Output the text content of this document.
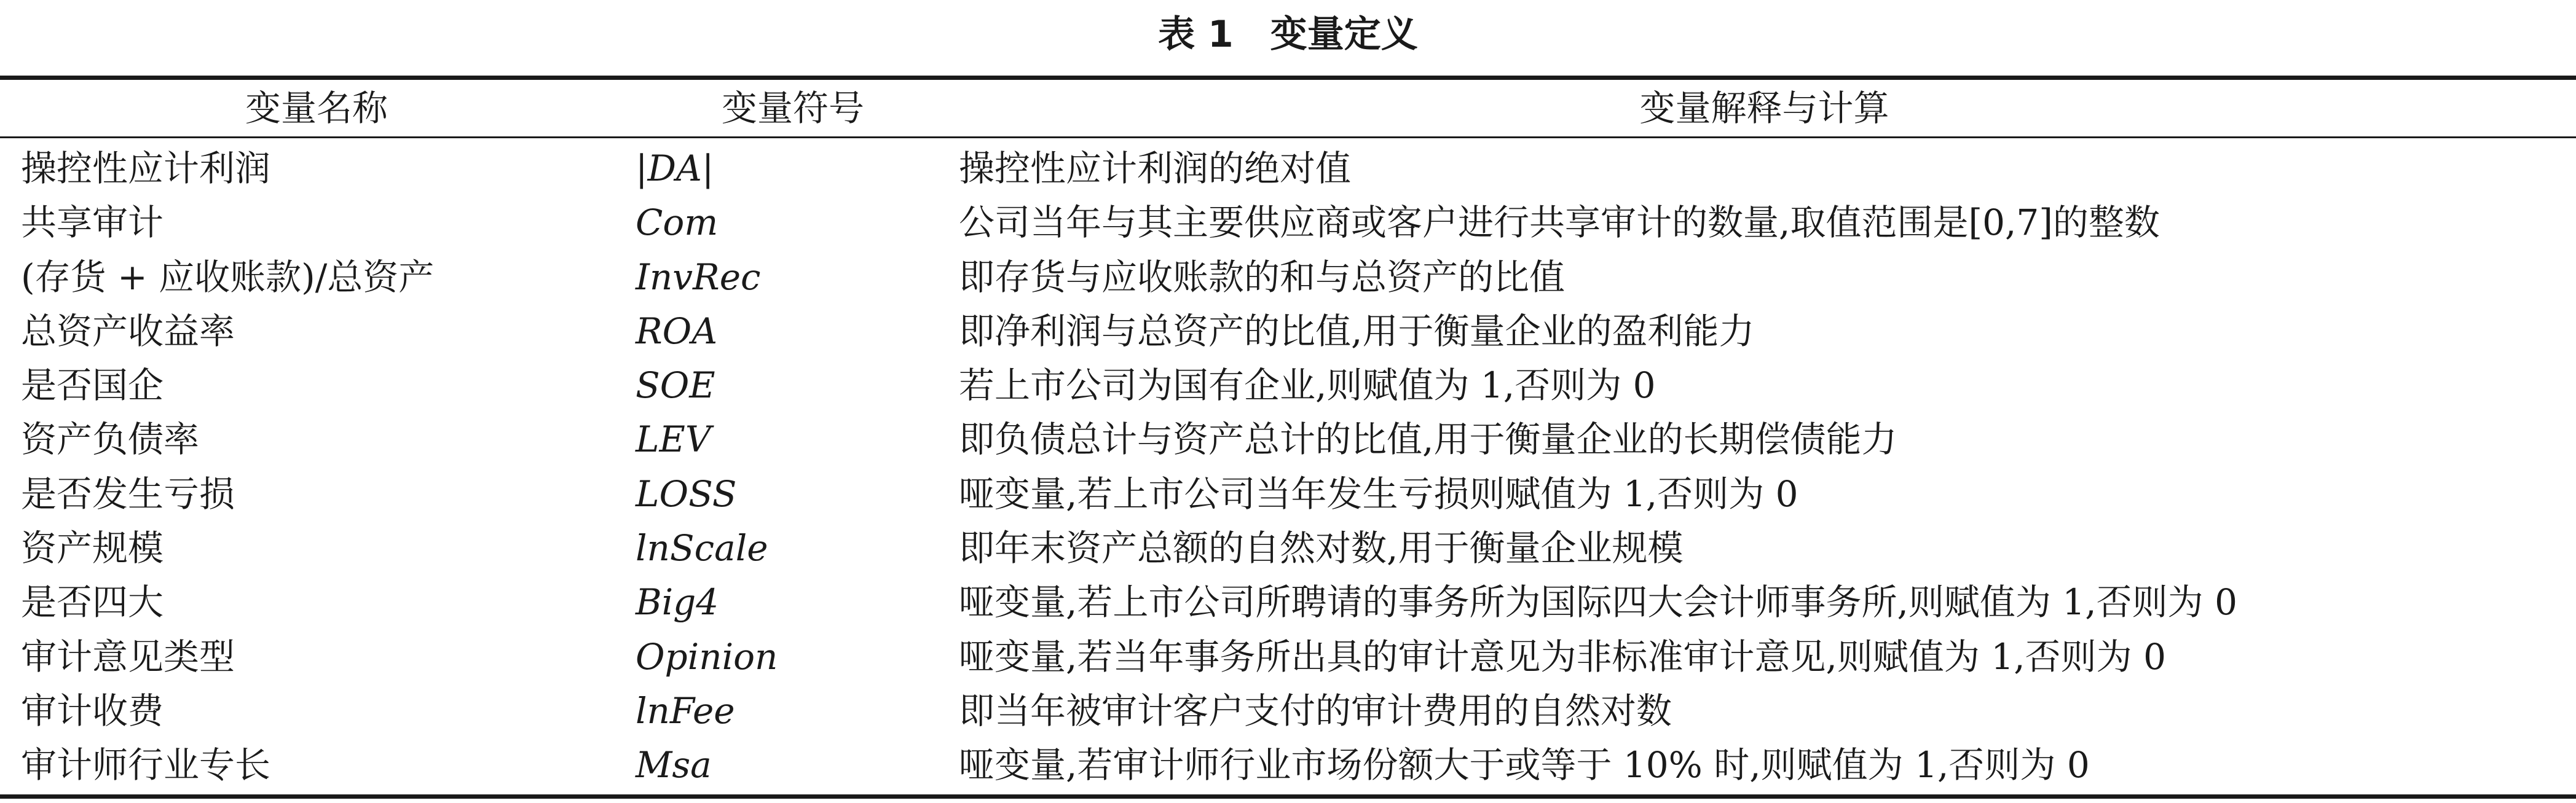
表 1　变量定义
变量名称	变量符号	变量解释与计算
操控性应计利润	|DA|	操控性应计利润的绝对值
共享审计	Com	公司当年与其主要供应商或客户进行共享审计的数量,取值范围是[0,7]的整数
(存货 + 应收账款)/总资产	InvRec	即存货与应收账款的和与总资产的比值
总资产收益率	ROA	即净利润与总资产的比值,用于衡量企业的盈利能力
是否国企	SOE	若上市公司为国有企业,则赋值为 1,否则为 0
资产负债率	LEV	即负债总计与资产总计的比值,用于衡量企业的长期偿债能力
是否发生亏损	LOSS	哑变量,若上市公司当年发生亏损则赋值为 1,否则为 0
资产规模	lnScale	即年末资产总额的自然对数,用于衡量企业规模
是否四大	Big4	哑变量,若上市公司所聘请的事务所为国际四大会计师事务所,则赋值为 1,否则为 0
审计意见类型	Opinion	哑变量,若当年事务所出具的审计意见为非标准审计意见,则赋值为 1,否则为 0
审计收费	lnFee	即当年被审计客户支付的审计费用的自然对数
审计师行业专长	Msa	哑变量,若审计师行业市场份额大于或等于 10% 时,则赋值为 1,否则为 0
